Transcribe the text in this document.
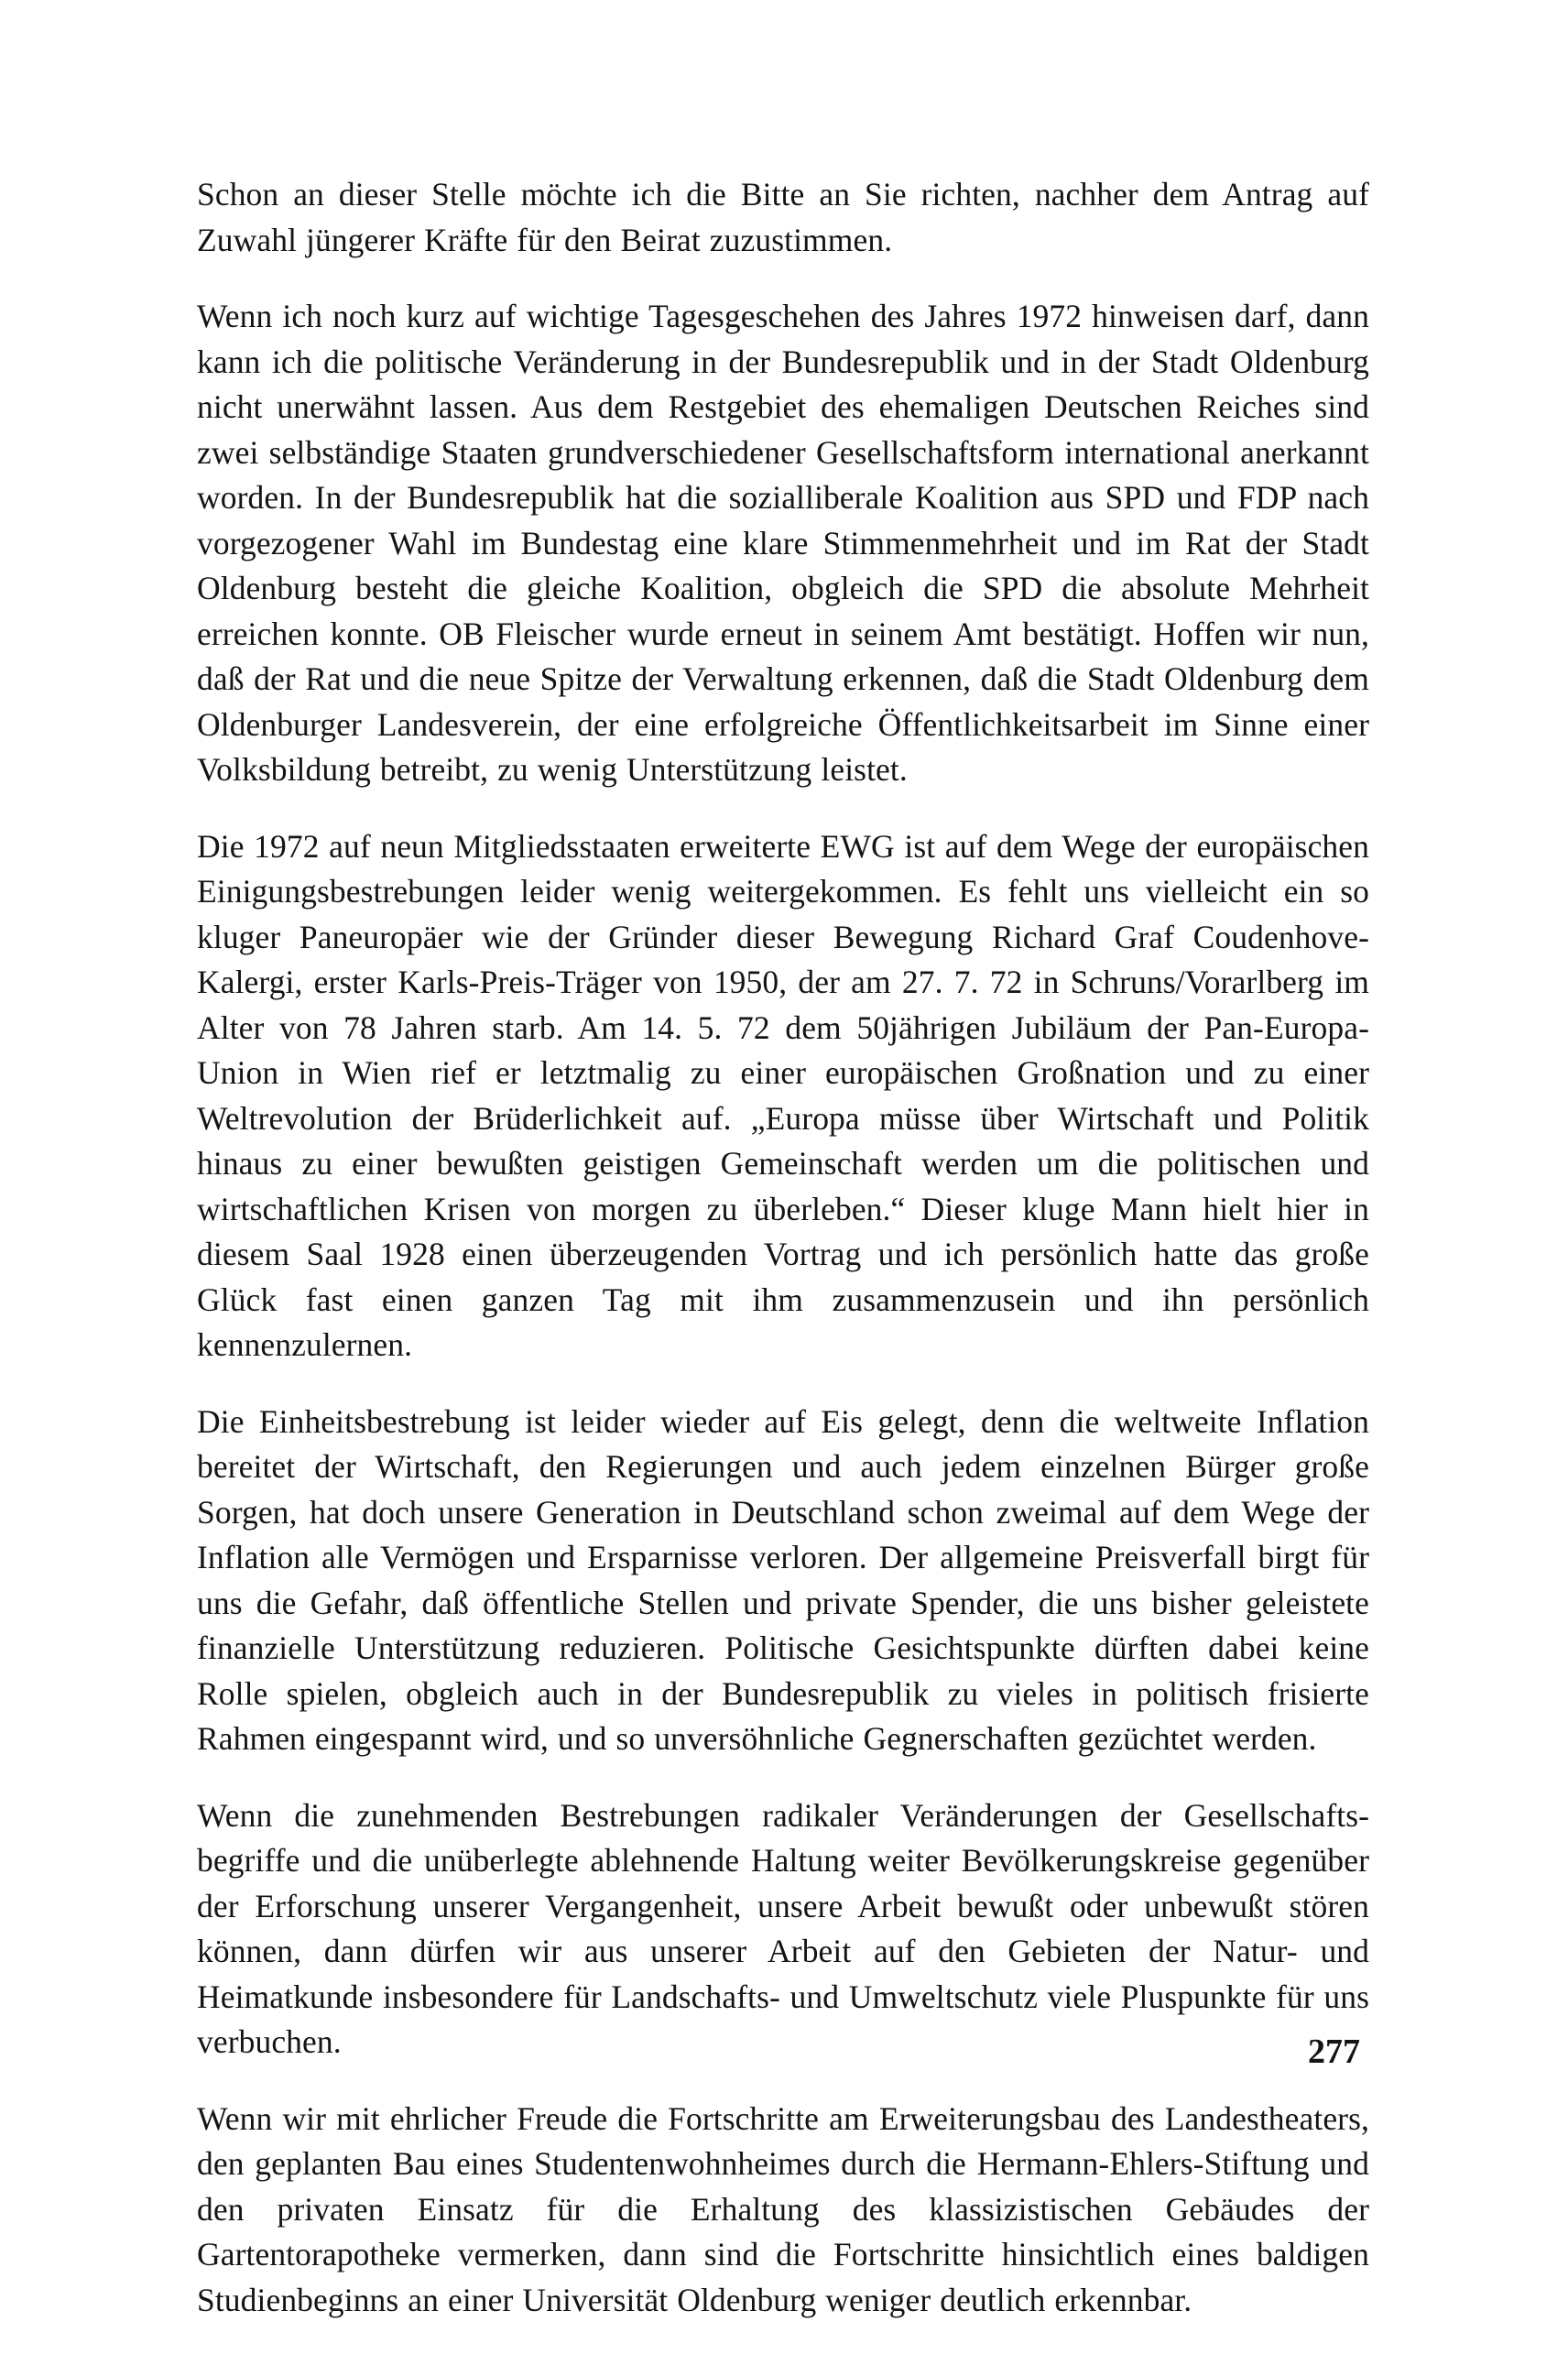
Schon an dieser Stelle möchte ich die Bitte an Sie richten, nachher dem Antrag auf Zuwahl jüngerer Kräfte für den Beirat zuzustimmen.

Wenn ich noch kurz auf wichtige Tagesgeschehen des Jahres 1972 hinweisen darf, dann kann ich die politische Veränderung in der Bundesrepublik und in der Stadt Oldenburg nicht unerwähnt lassen. Aus dem Restgebiet des ehemaligen Deutschen Reiches sind zwei selbständige Staaten grundverschiedener Gesellschaftsform international anerkannt worden. In der Bundesrepublik hat die sozialliberale Koalition aus SPD und FDP nach vorgezogener Wahl im Bundestag eine klare Stimmenmehrheit und im Rat der Stadt Oldenburg besteht die gleiche Koalition, obgleich die SPD die absolute Mehrheit erreichen konnte. OB Fleischer wurde erneut in seinem Amt bestätigt. Hoffen wir nun, daß der Rat und die neue Spitze der Verwaltung erkennen, daß die Stadt Oldenburg dem Oldenburger Landesverein, der eine erfolgreiche Öffentlichkeitsarbeit im Sinne einer Volksbildung betreibt, zu wenig Unterstützung leistet.

Die 1972 auf neun Mitgliedsstaaten erweiterte EWG ist auf dem Wege der europäischen Einigungsbestrebungen leider wenig weitergekommen. Es fehlt uns vielleicht ein so kluger Paneuropäer wie der Gründer dieser Bewegung Richard Graf Coudenhove-Kalergi, erster Karls-Preis-Träger von 1950, der am 27. 7. 72 in Schruns/Vorarlberg im Alter von 78 Jahren starb. Am 14. 5. 72 dem 50jährigen Jubiläum der Pan-Europa-Union in Wien rief er letztmalig zu einer europäischen Großnation und zu einer Weltrevolution der Brüderlichkeit auf. „Europa müsse über Wirtschaft und Politik hinaus zu einer bewußten geistigen Gemeinschaft werden um die politischen und wirtschaftlichen Krisen von morgen zu überleben.“ Dieser kluge Mann hielt hier in diesem Saal 1928 einen überzeugenden Vortrag und ich persönlich hatte das große Glück fast einen ganzen Tag mit ihm zusammenzusein und ihn persönlich kennenzulernen.

Die Einheitsbestrebung ist leider wieder auf Eis gelegt, denn die weltweite Inflation bereitet der Wirtschaft, den Regierungen und auch jedem einzelnen Bürger große Sorgen, hat doch unsere Generation in Deutschland schon zweimal auf dem Wege der Inflation alle Vermögen und Ersparnisse verloren. Der allgemeine Preisverfall birgt für uns die Gefahr, daß öffentliche Stellen und private Spender, die uns bisher geleistete finanzielle Unterstützung reduzieren. Politische Gesichtspunkte dürften dabei keine Rolle spielen, obgleich auch in der Bundesrepublik zu vieles in politisch frisierte Rahmen eingespannt wird, und so unversöhnliche Gegnerschaften gezüchtet werden.

Wenn die zunehmenden Bestrebungen radikaler Veränderungen der Gesellschaftsbegriffe und die unüberlegte ablehnende Haltung weiter Bevölkerungskreise gegenüber der Erforschung unserer Vergangenheit, unsere Arbeit bewußt oder unbewußt stören können, dann dürfen wir aus unserer Arbeit auf den Gebieten der Natur- und Heimatkunde insbesondere für Landschafts- und Umweltschutz viele Pluspunkte für uns verbuchen.

Wenn wir mit ehrlicher Freude die Fortschritte am Erweiterungsbau des Landestheaters, den geplanten Bau eines Studentenwohnheimes durch die Hermann-Ehlers-Stiftung und den privaten Einsatz für die Erhaltung des klassizistischen Gebäudes der Gartentorapotheke vermerken, dann sind die Fortschritte hinsichtlich eines baldigen Studienbeginns an einer Universität Oldenburg weniger deutlich erkennbar.

277
